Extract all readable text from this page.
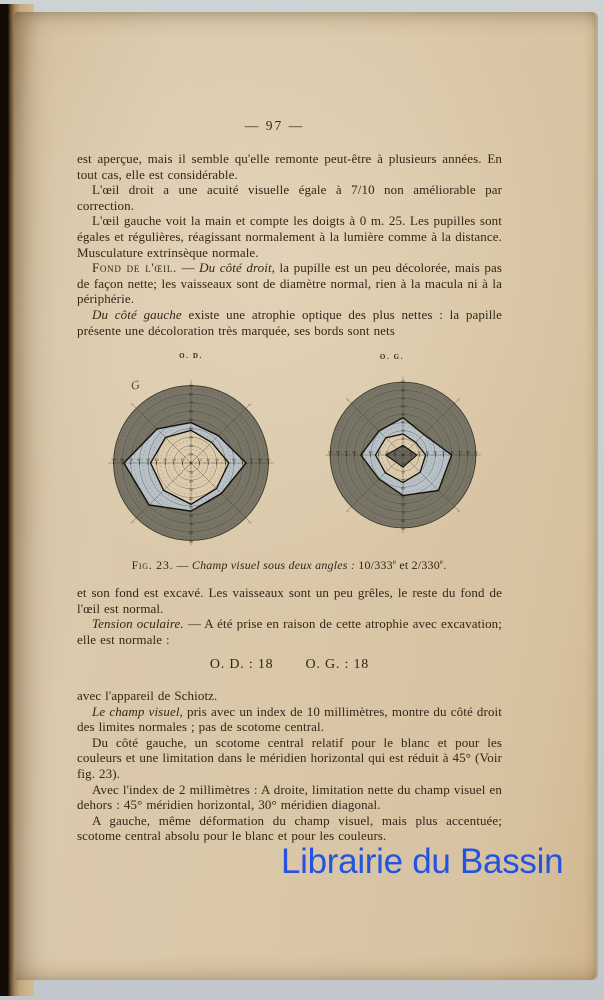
— 97 —
est aperçue, mais il semble qu'elle remonte peut-être à plusieurs années. En tout cas, elle est considérable.
L'œil droit a une acuité visuelle égale à 7/10 non améliorable par correction.
L'œil gauche voit la main et compte les doigts à 0 m. 25. Les pupilles sont égales et régulières, réagissant normalement à la lumière comme à la distance. Musculature extrinsèque normale.
Fond de l'œil. — Du côté droit, la pupille est un peu décolorée, mais pas de façon nette; les vaisseaux sont de diamètre normal, rien à la macula ni à la périphérie.
Du côté gauche existe une atrophie optique des plus nettes : la papille présente une décoloration très marquée, ses bords sont nets
O. D.	O. G.
G
10
10
10
10
20
20
20
20
30
30
30
30
40
40
40
40
50
50
50
50
60
60
60
60
70
70
70
70
80
80
80
80
90
90
90
90
45
45
45	45
10
10
10
10
20
20
20
20
30
30
30
30
40
40
40
40
50
50
50
50
60
60
60
60
70
70
70
70
80
80
80
80
90
90
90
90
45
45
45	45
Fig. 23. — Champ visuel sous deux angles : 10/333e et 2/330e.
et son fond est excavé. Les vaisseaux sont un peu grêles, le reste du fond de l'œil est normal.
Tension oculaire. — A été prise en raison de cette atrophie avec excavation; elle est normale :
O. D. : 18 O. G. : 18
avec l'appareil de Schiotz.
Le champ visuel, pris avec un index de 10 millimètres, montre du côté droit des limites normales ; pas de scotome central.
Du côté gauche, un scotome central relatif pour le blanc et pour les couleurs et une limitation dans le méridien horizontal qui est réduit à 45° (Voir fig. 23).
Avec l'index de 2 millimètres : A droite, limitation nette du champ visuel en dehors : 45° méridien horizontal, 30° méridien diagonal.
A gauche, même déformation du champ visuel, mais plus accentuée; scotome central absolu pour le blanc et pour les couleurs.
Librairie du Bassin
